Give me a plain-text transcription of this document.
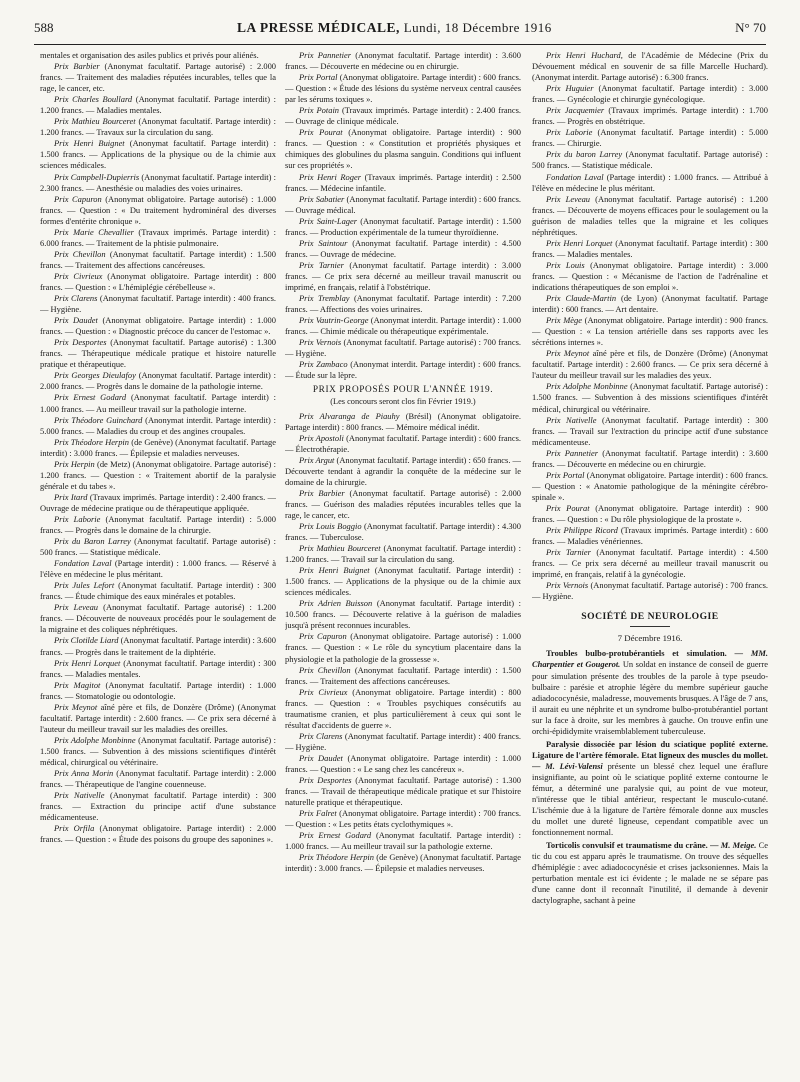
588	LA PRESSE MÉDICALE, Lundi, 18 Décembre 1916	N° 70

mentales et organisation des asiles publics et privés pour aliénés.

Prix Barbier (Anonymat facultatif. Partage autorisé) : 2.000 francs. — Traitement des maladies réputées incurables, telles que la rage, le cancer, etc.

Prix Charles Boullard (Anonymat facultatif. Partage interdit) : 1.200 francs. — Maladies mentales.

Prix Mathieu Bourceret (Anonymat facultatif. Partage interdit) : 1.200 francs. — Travaux sur la circulation du sang.

Prix Henri Buignet (Anonymat facultatif. Partage interdit) : 1.500 francs. — Applications de la physique ou de la chimie aux sciences médicales.

Prix Campbell-Dupierris (Anonymat facultatif. Partage interdit) : 2.300 francs. — Anesthésie ou maladies des voies urinaires.

Prix Capuron (Anonymat obligatoire. Partage autorisé) : 1.000 francs. — Question : « Du traitement hydrominéral des diverses formes d'entérite chronique ».

Prix Marie Chevallier (Travaux imprimés. Partage interdit) : 6.000 francs. — Traitement de la phtisie pulmonaire.

Prix Chevillon (Anonymat facultatif. Partage interdit) : 1.500 francs. — Traitement des affections cancéreuses.

Prix Civrieux (Anonymat obligatoire. Partage interdit) : 800 francs. — Question : « L'hémiplégie cérébelleuse ».

Prix Clarens (Anonymat facultatif. Partage interdit) : 400 francs. — Hygiène.

Prix Daudet (Anonymat obligatoire. Partage interdit) : 1.000 francs. — Question : « Diagnostic précoce du cancer de l'estomac ».

Prix Desportes (Anonymat facultatif. Partage autorisé) : 1.300 francs. — Thérapeutique médicale pratique et histoire naturelle pratique et thérapeutique.

Prix Georges Dieulafoy (Anonymat facultatif. Partage interdit) : 2.000 francs. — Progrès dans le domaine de la pathologie interne.

Prix Ernest Godard (Anonymat facultatif. Partage interdit) : 1.000 francs. — Au meilleur travail sur la pathologie interne.

Prix Théodore Guinchard (Anonymat interdit. Partage interdit) : 5.000 francs. — Maladies du croup et des angines croupales.

Prix Théodore Herpin (de Genève) (Anonymat facultatif. Partage interdit) : 3.000 francs. — Épilepsie et maladies nerveuses.

Prix Herpin (de Metz) (Anonymat obligatoire. Partage autorisé) : 1.200 francs. — Question : « Traitement abortif de la paralysie générale et du tabes ».

Prix Itard (Travaux imprimés. Partage interdit) : 2.400 francs. — Ouvrage de médecine pratique ou de thérapeutique appliquée.

Prix Laborie (Anonymat facultatif. Partage interdit) : 5.000 francs. — Progrès dans le domaine de la chirurgie.

Prix du Baron Larrey (Anonymat facultatif. Partage autorisé) : 500 francs. — Statistique médicale.

Fondation Laval (Partage interdit) : 1.000 francs. — Réservé à l'élève en médecine le plus méritant.

Prix Jules Lefort (Anonymat facultatif. Partage interdit) : 300 francs. — Étude chimique des eaux minérales et potables.

Prix Leveau (Anonymat facultatif. Partage autorisé) : 1.200 francs. — Découverte de nouveaux procédés pour le soulagement de la migraine et des coliques néphrétiques.

Prix Clotilde Liard (Anonymat facultatif. Partage interdit) : 3.600 francs. — Progrès dans le traitement de la diphtérie.

Prix Henri Lorquet (Anonymat facultatif. Partage interdit) : 300 francs. — Maladies mentales.

Prix Magitot (Anonymat facultatif. Partage interdit) : 1.000 francs. — Stomatologie ou odontologie.

Prix Meynot aîné père et fils, de Donzère (Drôme) (Anonymat facultatif. Partage interdit) : 2.600 francs. — Ce prix sera décerné à l'auteur du meilleur travail sur les maladies des oreilles.

Prix Adolphe Monbinne (Anonymat facultatif. Partage autorisé) : 1.500 francs. — Subvention à des missions scientifiques d'intérêt médical, chirurgical ou vétérinaire.

Prix Anna Morin (Anonymat facultatif. Partage interdit) : 2.000 francs. — Thérapeutique de l'angine couenneuse.

Prix Nativelle (Anonymat facultatif. Partage interdit) : 300 francs. — Extraction du principe actif d'une substance médicamenteuse.

Prix Orfila (Anonymat obligatoire. Partage interdit) : 2.000 francs. — Question : « Étude des poisons du groupe des saponines ».

Prix Pannetier (Anonymat facultatif. Partage interdit) : 3.600 francs. — Découverte en médecine ou en chirurgie.

Prix Portal (Anonymat obligatoire. Partage interdit) : 600 francs. — Question : « Étude des lésions du système nerveux central causées par les sérums toxiques ».

Prix Potain (Travaux imprimés. Partage interdit) : 2.400 francs. — Ouvrage de clinique médicale.

Prix Pourat (Anonymat obligatoire. Partage interdit) : 900 francs. — Question : « Constitution et propriétés physiques et chimiques des globulines du plasma sanguin. Conditions qui influent sur ces propriétés ».

Prix Henri Roger (Travaux imprimés. Partage interdit) : 2.500 francs. — Médecine infantile.

Prix Sabatier (Anonymat facultatif. Partage interdit) : 600 francs. — Ouvrage médical.

Prix Saint-Lager (Anonymat facultatif. Partage interdit) : 1.500 francs. — Production expérimentale de la tumeur thyroïdienne.

Prix Saintour (Anonymat facultatif. Partage interdit) : 4.500 francs. — Ouvrage de médecine.

Prix Tarnier (Anonymat facultatif. Partage interdit) : 3.000 francs. — Ce prix sera décerné au meilleur travail manuscrit ou imprimé, en français, relatif à l'obstétrique.

Prix Tremblay (Anonymat facultatif. Partage interdit) : 7.200 francs. — Affections des voies urinaires.

Prix Vautrin-George (Anonymat interdit. Partage interdit) : 1.000 francs. — Chimie médicale ou thérapeutique expérimentale.

Prix Vernois (Anonymat facultatif. Partage autorisé) : 700 francs. — Hygiène.

Prix Zambaco (Anonymat interdit. Partage interdit) : 600 francs. — Étude sur la lèpre.

PRIX PROPOSÉS POUR L'ANNÉE 1919.
(Les concours seront clos fin Février 1919.)

Prix Alvaranga de Piauhy (Brésil) (Anonymat obligatoire. Partage interdit) : 800 francs. — Mémoire médical inédit.

Prix Apostoli (Anonymat facultatif. Partage interdit) : 600 francs. — Électrothérapie.

Prix Argut (Anonymat facultatif. Partage interdit) : 650 francs. — Découverte tendant à agrandir la conquête de la médecine sur le domaine de la chirurgie.

Prix Barbier (Anonymat facultatif. Partage autorisé) : 2.000 francs. — Guérison des maladies réputées incurables telles que la rage, le cancer, etc.

Prix Louis Boggio (Anonymat facultatif. Partage interdit) : 4.300 francs. — Tuberculose.

Prix Mathieu Bourceret (Anonymat facultatif. Partage interdit) : 1.200 francs. — Travail sur la circulation du sang.

Prix Henri Buignet (Anonymat facultatif. Partage interdit) : 1.500 francs. — Applications de la physique ou de la chimie aux sciences médicales.

Prix Adrien Buisson (Anonymat facultatif. Partage interdit) : 10.500 francs. — Découverte relative à la guérison de maladies jusqu'à présent reconnues incurables.

Prix Capuron (Anonymat obligatoire. Partage autorisé) : 1.000 francs. — Question : « Le rôle du syncytium placentaire dans la physiologie et la pathologie de la grossesse ».

Prix Chevillon (Anonymat facultatif. Partage interdit) : 1.500 francs. — Traitement des affections cancéreuses.

Prix Civrieux (Anonymat obligatoire. Partage interdit) : 800 francs. — Question : « Troubles psychiques consécutifs au traumatisme cranien, et plus particulièrement à ceux qui sont le résultat d'accidents de guerre ».

Prix Clarens (Anonymat facultatif. Partage interdit) : 400 francs. — Hygiène.

Prix Daudet (Anonymat obligatoire. Partage interdit) : 1.000 francs. — Question : « Le sang chez les cancéreux ».

Prix Desportes (Anonymat facultatif. Partage autorisé) : 1.300 francs. — Travail de thérapeutique médicale pratique et sur l'histoire naturelle pratique et thérapeutique.

Prix Falret (Anonymat obligatoire. Partage interdit) : 700 francs. — Question : « Les petits états cyclothymiques ».

Prix Ernest Godard (Anonymat facultatif. Partage interdit) : 1.000 francs. — Au meilleur travail sur la pathologie externe.

Prix Théodore Herpin (de Genève) (Anonymat facultatif. Partage interdit) : 3.000 francs. — Épilepsie et maladies nerveuses.

Prix Henri Huchard, de l'Académie de Médecine (Prix du Dévouement médical en souvenir de sa fille Marcelle Huchard). (Anonymat interdit. Partage autorisé) : 6.300 francs.

Prix Huguier (Anonymat facultatif. Partage interdit) : 3.000 francs. — Gynécologie et chirurgie gynécologique.

Prix Jacquemier (Travaux imprimés. Partage interdit) : 1.700 francs. — Progrès en obstétrique.

Prix Laborie (Anonymat facultatif. Partage interdit) : 5.000 francs. — Chirurgie.

Prix du baron Larrey (Anonymat facultatif. Partage autorisé) : 500 francs. — Statistique médicale.

Fondation Laval (Partage interdit) : 1.000 francs. — Attribué à l'élève en médecine le plus méritant.

Prix Leveau (Anonymat facultatif. Partage autorisé) : 1.200 francs. — Découverte de moyens efficaces pour le soulagement ou la guérison de maladies telles que la migraine et les coliques néphrétiques.

Prix Henri Lorquet (Anonymat facultatif. Partage interdit) : 300 francs. — Maladies mentales.

Prix Louis (Anonymat obligatoire. Partage interdit) : 3.000 francs. — Question : « Mécanisme de l'action de l'adrénaline et indications thérapeutiques de son emploi ».

Prix Claude-Martin (de Lyon) (Anonymat facultatif. Partage interdit) : 600 francs. — Art dentaire.

Prix Mège (Anonymat obligatoire. Partage interdit) : 900 francs. — Question : « La tension artérielle dans ses rapports avec les sécrétions internes ».

Prix Meynot aîné père et fils, de Donzère (Drôme) (Anonymat facultatif. Partage interdit) : 2.600 francs. — Ce prix sera décerné à l'auteur du meilleur travail sur les maladies des yeux.

Prix Adolphe Monbinne (Anonymat facultatif. Partage autorisé) : 1.500 francs. — Subvention à des missions scientifiques d'intérêt médical, chirurgical ou vétérinaire.

Prix Nativelle (Anonymat facultatif. Partage interdit) : 300 francs. — Travail sur l'extraction du principe actif d'une substance médicamenteuse.

Prix Pannetier (Anonymat facultatif. Partage interdit) : 3.600 francs. — Découverte en médecine ou en chirurgie.

Prix Portal (Anonymat obligatoire. Partage interdit) : 600 francs. — Question : « Anatomie pathologique de la méningite cérébro-spinale ».

Prix Pourat (Anonymat obligatoire. Partage interdit) : 900 francs. — Question : « Du rôle physiologique de la prostate ».

Prix Philippe Ricord (Travaux imprimés. Partage interdit) : 600 francs. — Maladies vénériennes.

Prix Tarnier (Anonymat facultatif. Partage interdit) : 4.500 francs. — Ce prix sera décerné au meilleur travail manuscrit ou imprimé, en français, relatif à la gynécologie.

Prix Vernois (Anonymat facultatif. Partage autorisé) : 700 francs. — Hygiène.

SOCIÉTÉ DE NEUROLOGIE
7 Décembre 1916.

Troubles bulbo-protubérantiels et simulation. — MM. Charpentier et Gougerot. Un soldat en instance de conseil de guerre pour simulation présente des troubles de la parole à type pseudo-bulbaire : parésie et atrophie légère du membre supérieur gauche adiadococynésie, maladresse, mouvements brusques. A l'âge de 7 ans, il aurait eu une néphrite et un syndrome bulbo-protubérantiel portant sur la face à droite, sur les membres à gauche. On trouve enfin une orchi-épididymite vraisemblablement tuberculeuse.

Paralysie dissociée par lésion du sciatique poplité externe. Ligature de l'artère fémorale. Etat ligneux des muscles du mollet. — M. Lévi-Valensi présente un blessé chez lequel une éraflure insignifiante, au point où le sciatique poplité externe contourne le fémur, a déterminé une paralysie qui, au point de vue moteur, n'intéresse que le tibial antérieur, respectant le musculo-cutané. L'ischémie due à la ligature de l'artère fémorale donne aux muscles du mollet une dureté ligneuse, cependant compatible avec un fonctionnement normal.

Torticolis convulsif et traumatisme du crâne. — M. Meige. Ce tic du cou est apparu après le traumatisme. On trouve des séquelles d'hémiplégie : avec adiadococynésie et crises jacksoniennes. Mais la perturbation mentale est ici évidente ; le malade ne se sépare pas d'une canne dont il reconnaît l'inutilité, il demande à devenir dactylographe, sachant à peine
